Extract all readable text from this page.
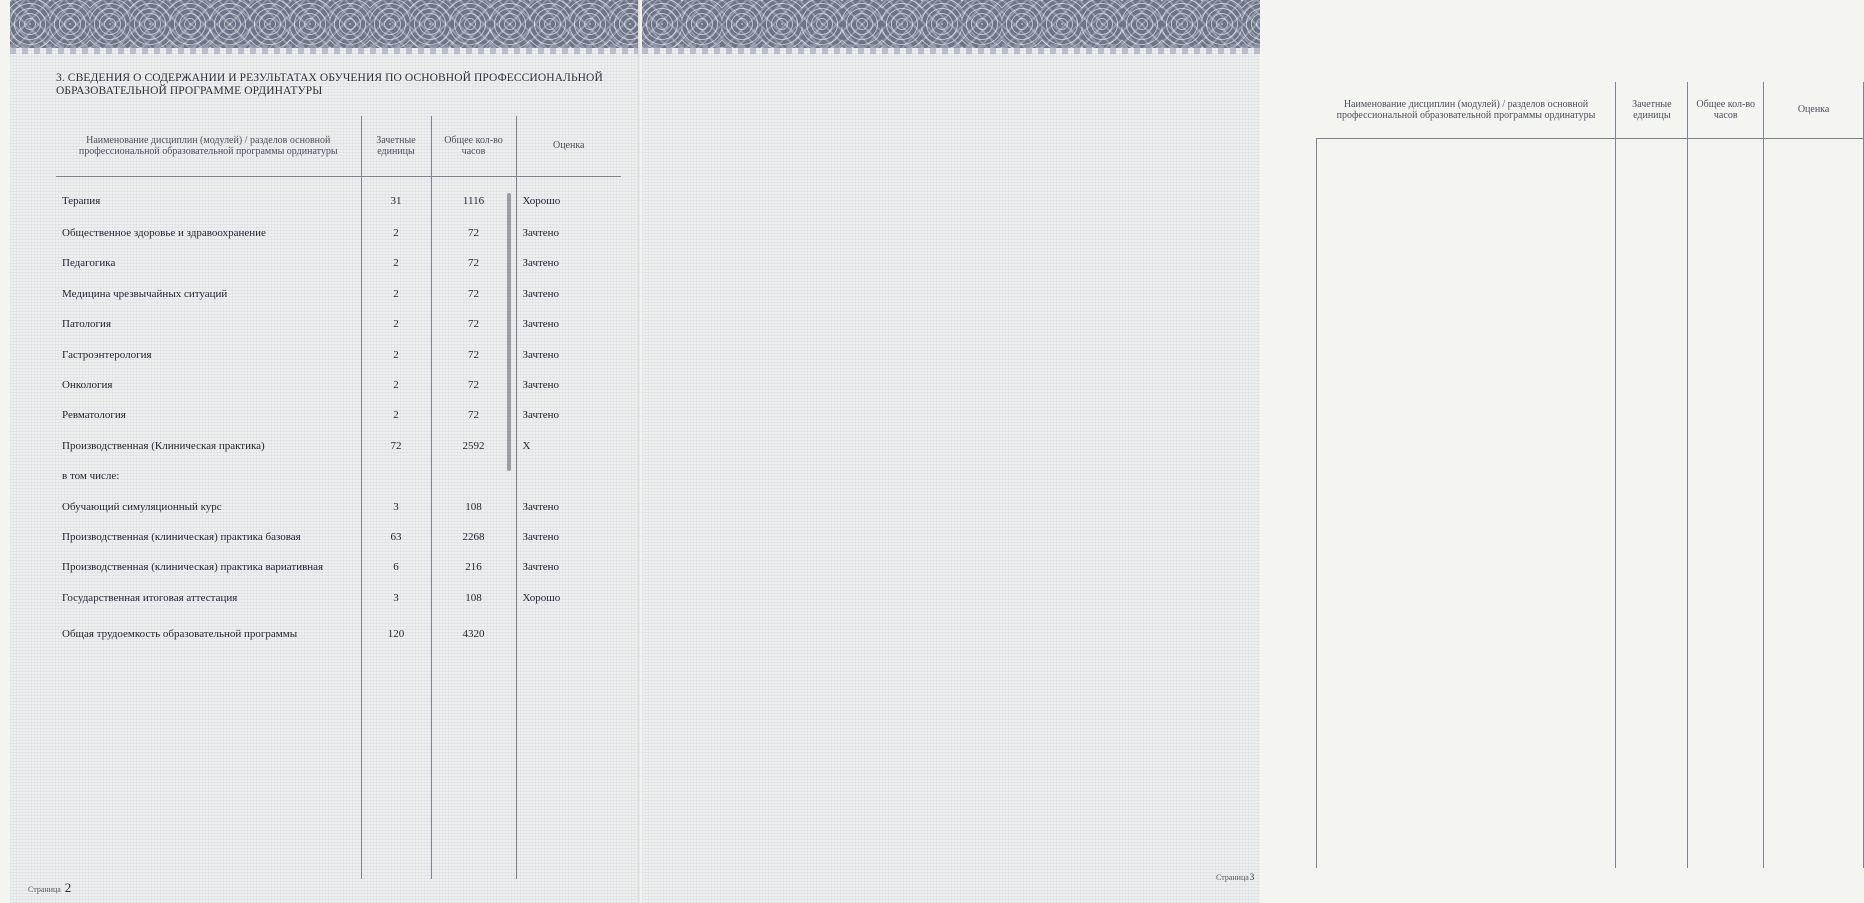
3. СВЕДЕНИЯ О СОДЕРЖАНИИ И РЕЗУЛЬТАТАХ ОБУЧЕНИЯ ПО ОСНОВНОЙ ПРОФЕССИОНАЛЬНОЙ ОБРАЗОВАТЕЛЬНОЙ ПРОГРАММЕ ОРДИНАТУРЫ
Наименование дисциплин (модулей) / разделов основной профессиональной образовательной программы ординатуры	Зачетные единицы	Общее кол-во часов	Оценка

Терапия	31	1116	Хорошо
Общественное здоровье и здравоохранение	2	72	Зачтено
Педагогика	2	72	Зачтено
Медицина чрезвычайных ситуаций	2	72	Зачтено
Патология	2	72	Зачтено
Гастроэнтерология	2	72	Зачтено
Онкология	2	72	Зачтено
Ревматология	2	72	Зачтено
Производственная (Клиническая практика)	72	2592	Х
в том числе:			
Обучающий симуляционный курс	3	108	Зачтено
Производственная (клиническая) практика базовая	63	2268	Зачтено
Производственная (клиническая) практика вариативная	6	216	Зачтено
Государственная итоговая аттестация	3	108	Хорошо
Общая трудоемкость образовательной программы	120	4320	

Страница 2
Наименование дисциплин (модулей) / разделов основной профессиональной образовательной программы ординатуры	Зачетные единицы	Общее кол-во часов	Оценка

Страница3
